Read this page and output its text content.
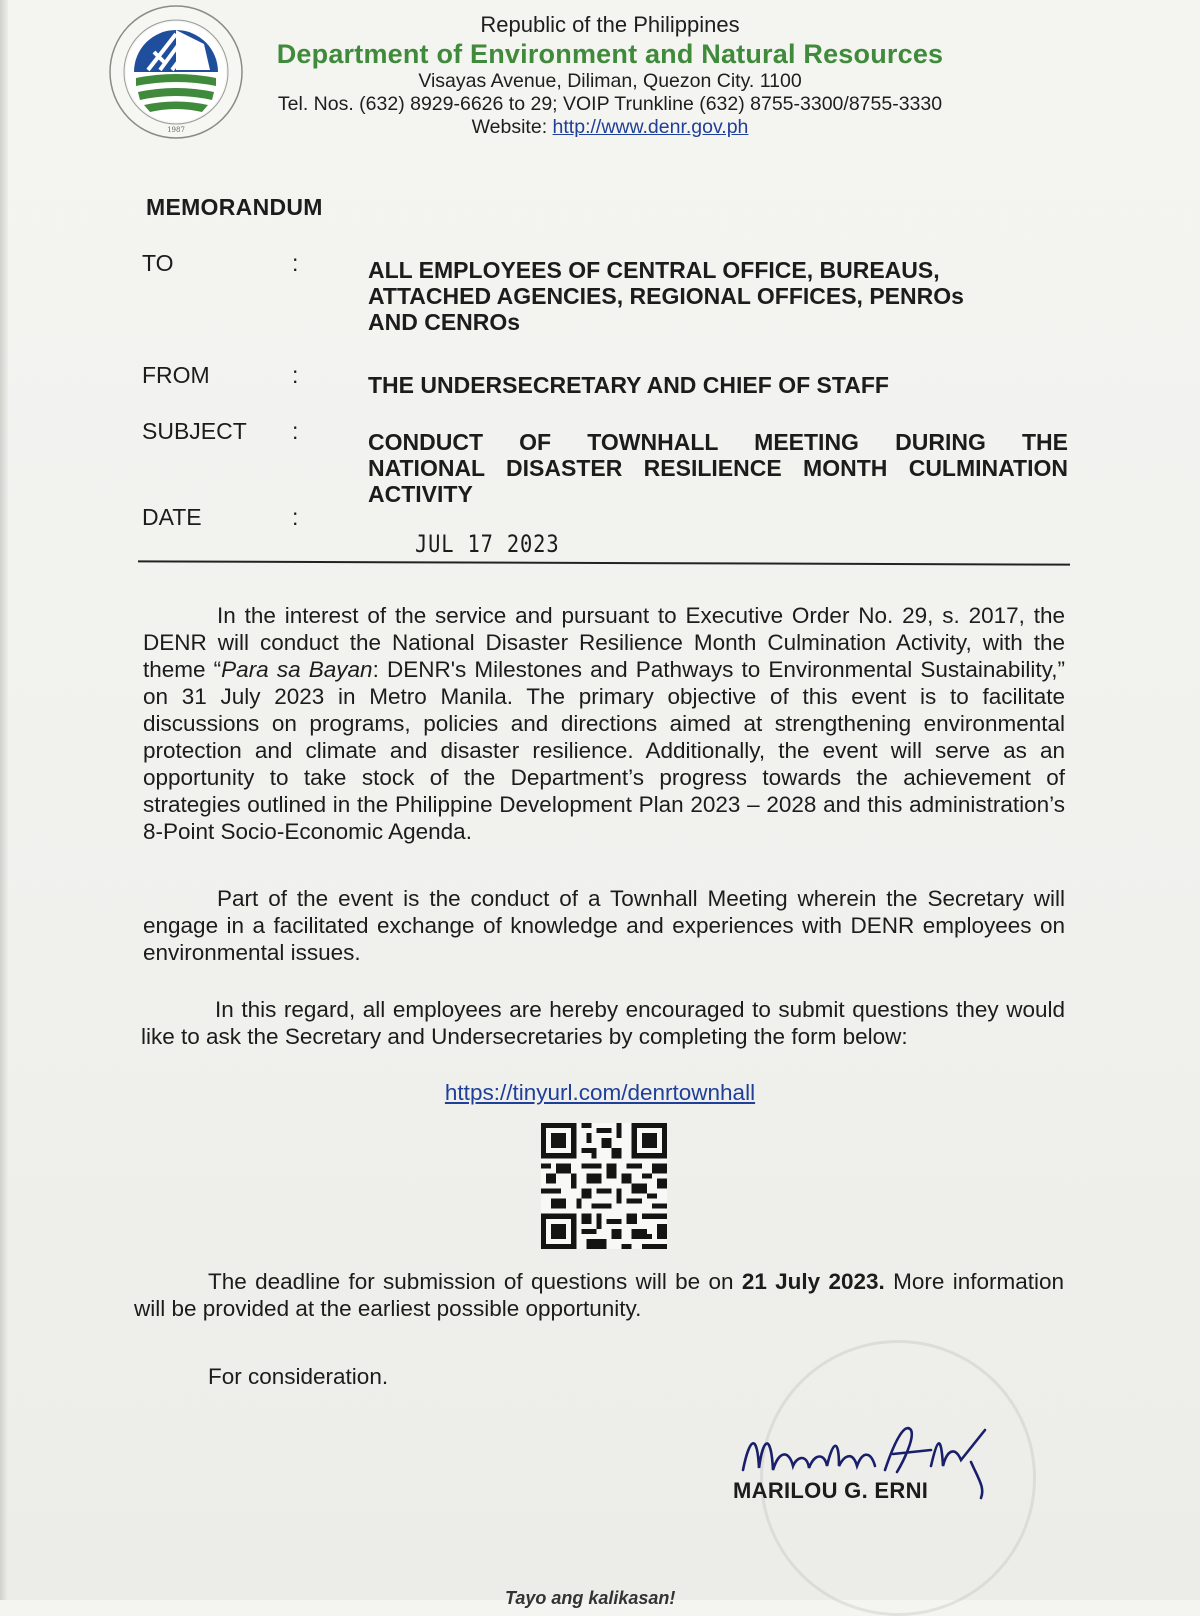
1987
Republic of the Philippines
Department of Environment and Natural Resources
Visayas Avenue, Diliman, Quezon City. 1100
Tel. Nos. (632) 8929-6626 to 29; VOIP Trunkline (632) 8755-3300/8755-3330
Website: http://www.denr.gov.ph
MEMORANDUM
TO	:	ALL EMPLOYEES OF CENTRAL OFFICE, BUREAUS,
ATTACHED AGENCIES, REGIONAL OFFICES, PENROs
AND CENROs
FROM	:	THE UNDERSECRETARY AND CHIEF OF STAFF
SUBJECT :	CONDUCT OF TOWNHALL MEETING DURING THE
NATIONAL DISASTER RESILIENCE MONTH CULMINATION
ACTIVITY
DATE	:
JUL 17 2023
In the interest of the service and pursuant to Executive Order No. 29, s. 2017, the DENR will conduct the National Disaster Resilience Month Culmination Activity, with the theme “Para sa Bayan: DENR's Milestones and Pathways to Environmental Sustainability,” on 31 July 2023 in Metro Manila. The primary objective of this event is to facilitate discussions on programs, policies and directions aimed at strengthening environmental protection and climate and disaster resilience. Additionally, the event will serve as an opportunity to take stock of the Department’s progress towards the achievement of strategies outlined in the Philippine Development Plan 2023 – 2028 and this administration’s 8-Point Socio-Economic Agenda.
Part of the event is the conduct of a Townhall Meeting wherein the Secretary will engage in a facilitated exchange of knowledge and experiences with DENR employees on environmental issues.
In this regard, all employees are hereby encouraged to submit questions they would like to ask the Secretary and Undersecretaries by completing the form below:
https://tinyurl.com/denrtownhall
The deadline for submission of questions will be on 21 July 2023. More information will be provided at the earliest possible opportunity.
For consideration.
MARILOU G. ERNI
Tayo ang kalikasan!
